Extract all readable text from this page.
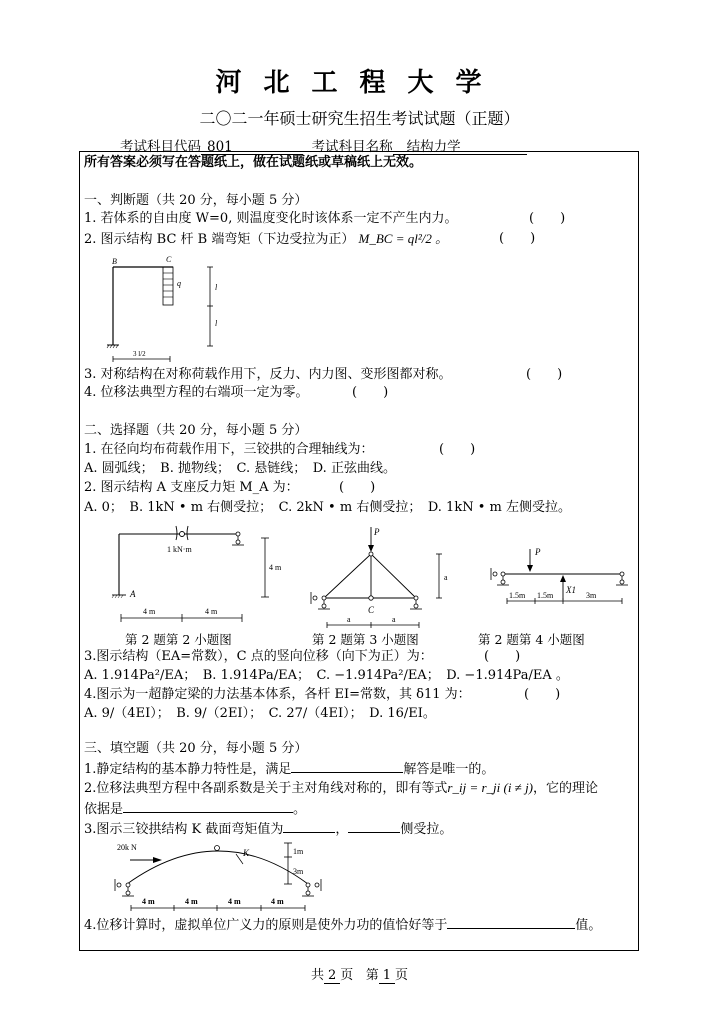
河北工程大学
二〇二一年硕士研究生招生考试试题（正题）
考试科目代码 801	考试科目名称 结构力学
所有答案必须写在答题纸上，做在试题纸或草稿纸上无效。
一、判断题（共 20 分，每小题 5 分）
1. 若体系的自由度 W=0, 则温度变化时该体系一定不产生内力。	(　　)
2. 图示结构 BC 杆 B 端弯矩（下边受拉为正） M_BC = ql²/2 。	(　　)
B	C
q	l
l
3 l/2
3. 对称结构在对称荷载作用下，反力、内力图、变形图都对称。	(　　)
4. 位移法典型方程的右端项一定为零。	(　　)
二、选择题（共 20 分，每小题 5 分）
1. 在径向均布荷载作用下，三铰拱的合理轴线为：	(　　)
A. 圆弧线；　B. 抛物线；　C. 悬链线；　D. 正弦曲线。
2. 图示结构 A 支座反力矩 M_A 为：	(　　)
A. 0；　B. 1kN • m 右侧受拉；　C. 2kN • m 右侧受拉；　D. 1kN • m 左侧受拉。
1 kN·m
A
4 m
4 m	4 m
第 2 题第 2 小题图
P
C
a
a	a
第 2 题第 3 小题图
P
X1
1.5m 1.5m	3m
第 2 题第 4 小题图
3.图示结构（EA=常数），C 点的竖向位移（向下为正）为：	(　　)
A. 1.914Pa²/EA；　B. 1.914Pa/EA；　C. −1.914Pa²/EA；　D. −1.914Pa/EA 。
4.图示为一超静定梁的力法基本体系，各杆 EI=常数，其 δ11 为：	(　　)
A. 9/（4EI）；　B. 9/（2EI）；　C. 27/（4EI）；　D. 16/EI。
三、填空题（共 20 分，每小题 5 分）
1.静定结构的基本静力特性是，满足	解答是唯一的。
2.位移法典型方程中各副系数是关于主对角线对称的，即有等式r_ij = r_ji (i ≠ j)，它的理论
依据是	。
3.图示三铰拱结构 K 截面弯矩值为	，	侧受拉。
K
20k N	1m
3m
4 m	4 m	4 m	4 m
4.位移计算时，虚拟单位广义力的原则是使外力功的值恰好等于	值。
共 2 页 第 1 页
